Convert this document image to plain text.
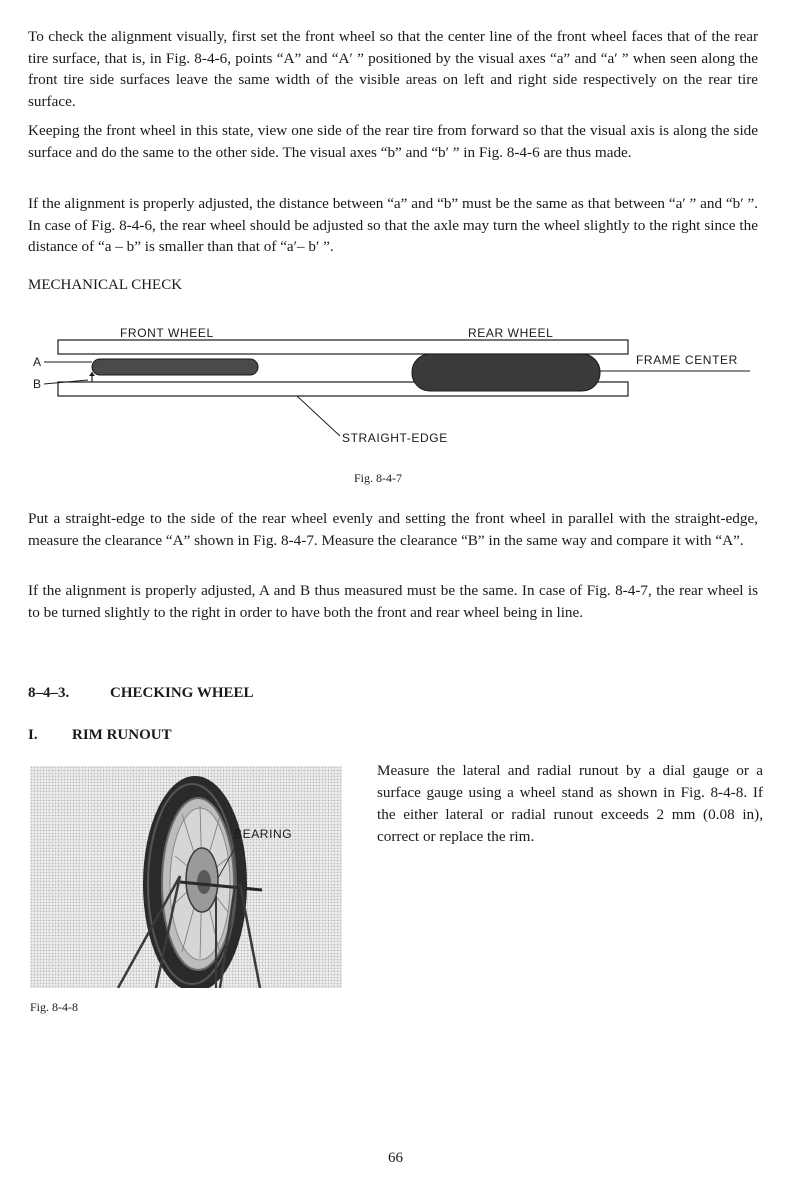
To check the alignment visually, first set the front wheel so that the center line of the front wheel faces that of the rear tire surface, that is, in Fig. 8-4-6, points “A” and “A′ ” positioned by the visual axes “a” and “a′ ” when seen along the front tire side surfaces leave the same width of the visible areas on left and right side respectively on the rear tire surface.

Keeping the front wheel in this state, view one side of the rear tire from forward so that the visual axis is along the side surface and do the same to the other side. The visual axes “b” and “b′ ” in Fig. 8-4-6 are thus made.

If the alignment is properly adjusted, the distance between “a” and “b” must be the same as that between “a′ ” and “b′ ”. In case of Fig. 8-4-6, the rear wheel should be adjusted so that the axle may turn the wheel slightly to the right since the distance of “a – b” is smaller than that of “a′– b′ ”.

MECHANICAL CHECK

FRONT WHEEL	REAR WHEEL
FRAME CENTER
STRAIGHT-EDGE
A
B

Fig. 8-4-7

Put a straight-edge to the side of the rear wheel evenly and setting the front wheel in parallel with the straight-edge, measure the clearance “A” shown in Fig. 8-4-7. Measure the clearance “B” in the same way and compare it with “A”.

If the alignment is properly adjusted, A and B thus measured must be the same. In case of Fig. 8-4-7, the rear wheel is to be turned slightly to the right in order to have both the front and rear wheel being in line.

8–4–3.	CHECKING WHEEL

I. RIM RUNOUT

BEARING

Fig. 8-4-8

Measure the lateral and radial runout by a dial gauge or a surface gauge using a wheel stand as shown in Fig. 8-4-8. If the either lateral or radial runout exceeds 2 mm (0.08 in), correct or replace the rim.

66
